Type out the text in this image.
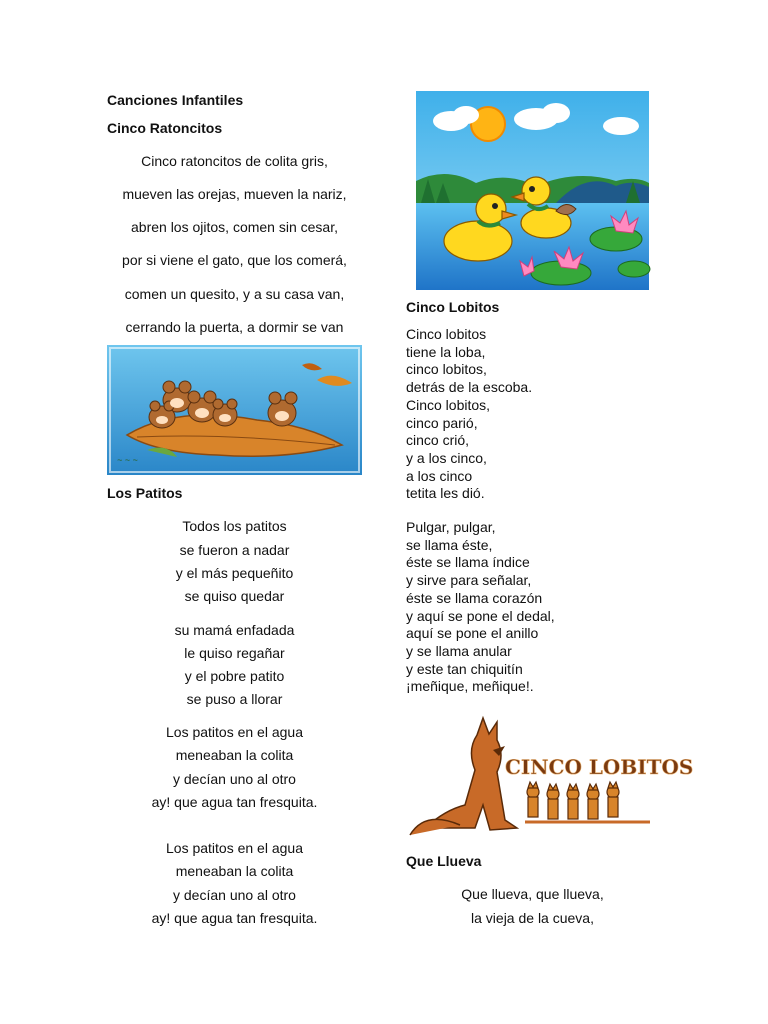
Canciones Infantiles
Cinco Ratoncitos
Cinco ratoncitos de colita gris,
mueven las orejas, mueven la nariz,
abren los ojitos, comen sin cesar,
por si viene el gato, que los comerá,
comen un quesito, y a su casa van,
cerrando la puerta, a dormir se van
~ ~ ~
Los Patitos
Todos los patitos
se fueron a nadar
y el más pequeñito
se quiso quedar
su mamá enfadada
le quiso regañar
y el pobre patito
se puso a llorar
Los patitos en el agua
meneaban la colita
y decían uno al otro
ay! que agua tan fresquita.
Los patitos en el agua
meneaban la colita
y decían uno al otro
ay! que agua tan fresquita.
Cinco Lobitos
Cinco lobitos
tiene la loba,
cinco lobitos,
detrás de la escoba.
Cinco lobitos,
cinco parió,
cinco crió,
y a los cinco,
a los cinco
tetita les dió.
Pulgar, pulgar,
se llama éste,
éste se llama índice
y sirve para señalar,
éste se llama corazón
y aquí se pone el dedal,
aquí se pone el anillo
y se llama anular
y este tan chiquitín
¡meñique, meñique!.
CINCO LOBITOS
Que Llueva
Que llueva, que llueva,
la vieja de la cueva,
